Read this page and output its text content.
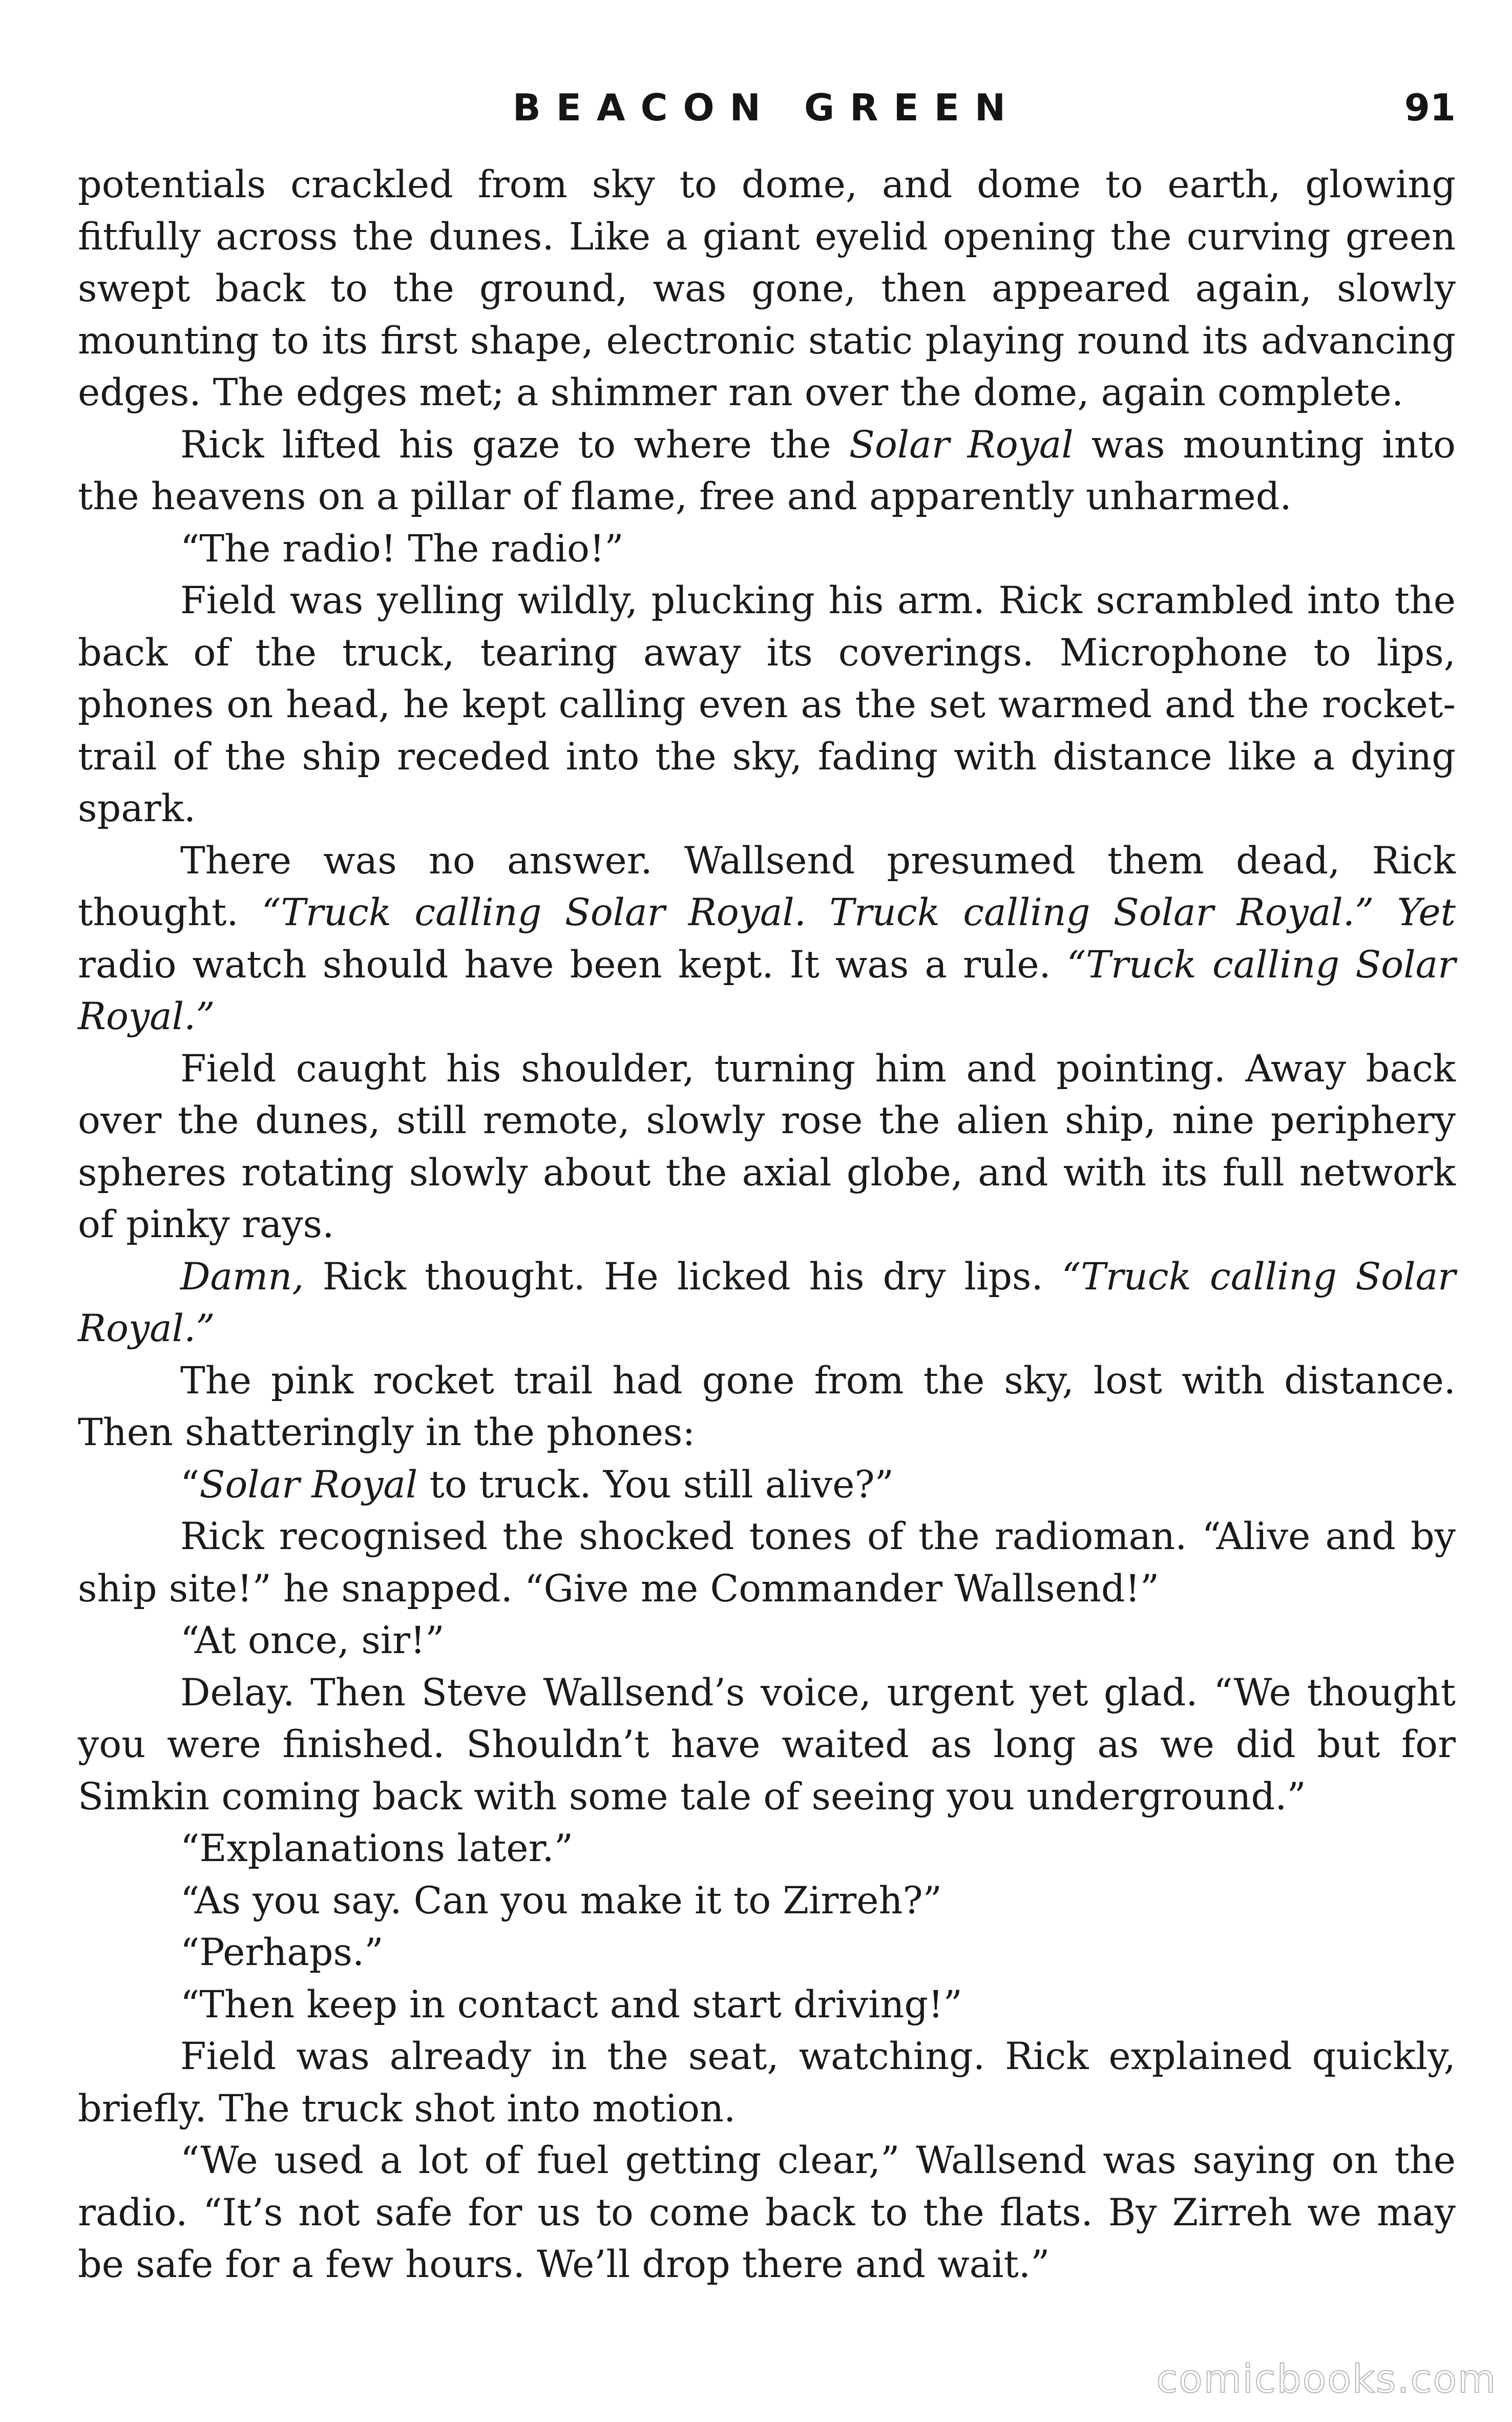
BEACON GREEN	91

potentials crackled from sky to dome, and dome to earth, glowing fitfully across the dunes. Like a giant eyelid opening the curving green swept back to the ground, was gone, then appeared again, slowly mounting to its first shape, electronic static playing round its advancing edges. The edges met; a shimmer ran over the dome, again complete.

Rick lifted his gaze to where the Solar Royal was mounting into the heavens on a pillar of flame, free and apparently unharmed.

“The radio! The radio!”

Field was yelling wildly, plucking his arm. Rick scrambled into the back of the truck, tearing away its coverings. Microphone to lips, phones on head, he kept calling even as the set warmed and the rocket-trail of the ship receded into the sky, fading with distance like a dying spark.

There was no answer. Wallsend presumed them dead, Rick thought. “Truck calling Solar Royal. Truck calling Solar Royal.” Yet radio watch should have been kept. It was a rule. “Truck calling Solar Royal.”

Field caught his shoulder, turning him and pointing. Away back over the dunes, still remote, slowly rose the alien ship, nine periphery spheres rotating slowly about the axial globe, and with its full network of pinky rays.

Damn, Rick thought. He licked his dry lips. “Truck calling Solar Royal.”

The pink rocket trail had gone from the sky, lost with distance. Then shatteringly in the phones:

“Solar Royal to truck. You still alive?”

Rick recognised the shocked tones of the radioman. “Alive and by ship site!” he snapped. “Give me Commander Wallsend!”

“At once, sir!”

Delay. Then Steve Wallsend’s voice, urgent yet glad. “We thought you were finished. Shouldn’t have waited as long as we did but for Simkin coming back with some tale of seeing you underground.”

“Explanations later.”

“As you say. Can you make it to Zirreh?”

“Perhaps.”

“Then keep in contact and start driving!”

Field was already in the seat, watching. Rick explained quickly, briefly. The truck shot into motion.

“We used a lot of fuel getting clear,” Wallsend was saying on the radio. “It’s not safe for us to come back to the flats. By Zirreh we may be safe for a few hours. We’ll drop there and wait.”

comicbooks.com
